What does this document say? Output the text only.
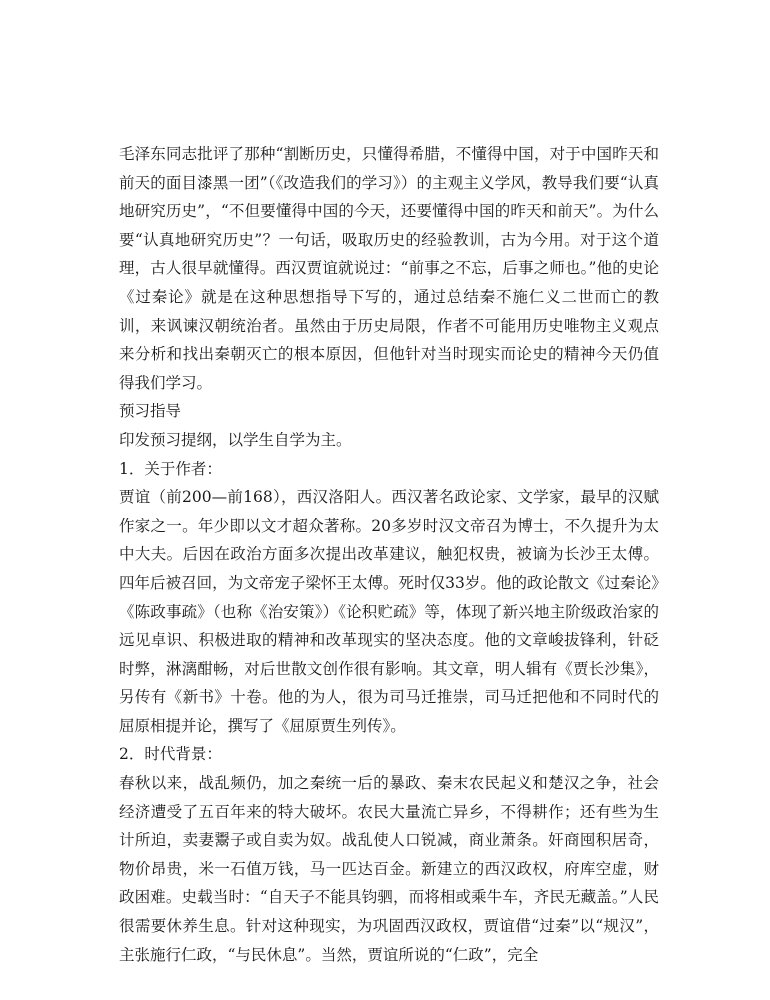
毛泽东同志批评了那种“割断历史，只懂得希腊，不懂得中国，对于中国昨天和前天的面目漆黑一团”（《改造我们的学习》）的主观主义学风，教导我们要“认真地研究历史”，“不但要懂得中国的今天，还要懂得中国的昨天和前天”。为什么要“认真地研究历史”？一句话，吸取历史的经验教训，古为今用。对于这个道理，古人很早就懂得。西汉贾谊就说过：“前事之不忘，后事之师也。”他的史论《过秦论》就是在这种思想指导下写的，通过总结秦不施仁义二世而亡的教训，来讽谏汉朝统治者。虽然由于历史局限，作者不可能用历史唯物主义观点来分析和找出秦朝灭亡的根本原因，但他针对当时现实而论史的精神今天仍值得我们学习。

预习指导

印发预习提纲，以学生自学为主。

1．关于作者：

贾谊（前200—前168），西汉洛阳人。西汉著名政论家、文学家，最早的汉赋作家之一。年少即以文才超众著称。20多岁时汉文帝召为博士，不久提升为太中大夫。后因在政治方面多次提出改革建议，触犯权贵，被谪为长沙王太傅。四年后被召回，为文帝宠子梁怀王太傅。死时仅33岁。他的政论散文《过秦论》《陈政事疏》（也称《治安策》）《论积贮疏》等，体现了新兴地主阶级政治家的远见卓识、积极进取的精神和改革现实的坚决态度。他的文章峻拔锋利，针砭时弊，淋漓酣畅，对后世散文创作很有影响。其文章，明人辑有《贾长沙集》，另传有《新书》十卷。他的为人，很为司马迁推崇，司马迁把他和不同时代的屈原相提并论，撰写了《屈原贾生列传》。

2．时代背景：

春秋以来，战乱频仍，加之秦统一后的暴政、秦末农民起义和楚汉之争，社会经济遭受了五百年来的特大破坏。农民大量流亡异乡，不得耕作；还有些为生计所迫，卖妻鬻子或自卖为奴。战乱使人口锐减，商业萧条。奸商囤积居奇，物价昂贵，米一石值万钱，马一匹达百金。新建立的西汉政权，府库空虚，财政困难。史载当时：“自天子不能具钧驷，而将相或乘牛车，齐民无藏盖。”人民很需要休养生息。针对这种现实，为巩固西汉政权，贾谊借“过秦”以“规汉”，主张施行仁政，“与民休息”。当然，贾谊所说的“仁政”，完全
